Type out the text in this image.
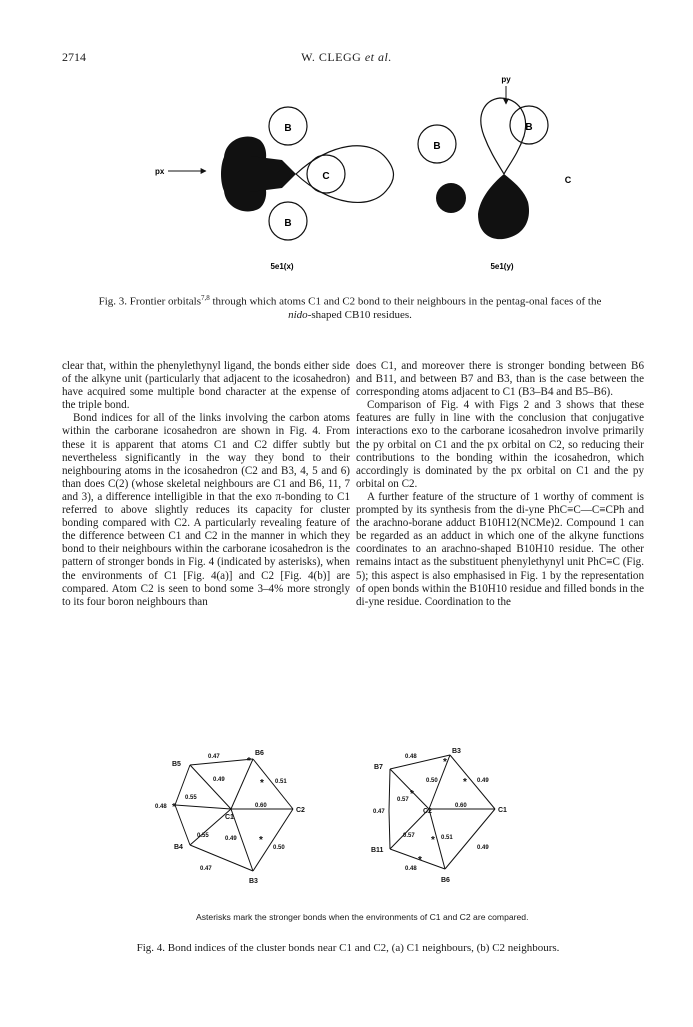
2714	W. CLEGG et al.
B
B
C
px
5e1(x)
py
B
B
C
5e1(y)
Fig. 3. Frontier orbitals$^{7,8}$ through which atoms C1 and C2 bond to their neighbours in the pentag-onal faces of the nido-shaped CB10 residues.

clear that, within the phenylethynyl ligand, the bonds either side of the alkyne unit (particularly that adjacent to the icosahedron) have acquired some multiple bond character at the expense of the triple bond.

Bond indices for all of the links involving the carbon atoms within the carborane icosahedron are shown in Fig. 4. From these it is apparent that atoms C1 and C2 differ subtly but nevertheless significantly in the way they bond to their neighbouring atoms in the icosahedron (C2 and B3, 4, 5 and 6) than does C(2) (whose skeletal neighbours are C1 and B6, 11, 7 and 3), a difference intelligible in that the exo π-bonding to C1 referred to above slightly reduces its capacity for cluster bonding compared with C2. A particularly revealing feature of the difference between C1 and C2 in the manner in which they bond to their neighbours within the carborane icosahedron is the pattern of stronger bonds in Fig. 4 (indicated by asterisks), when the environments of C1 [Fig. 4(a)] and C2 [Fig. 4(b)] are compared. Atom C2 is seen to bond some 3–4% more strongly to its four boron neighbours than

does C1, and moreover there is stronger bonding between B6 and B11, and between B7 and B3, than is the case between the corresponding atoms adjacent to C1 (B3–B4 and B5–B6).

Comparison of Fig. 4 with Figs 2 and 3 shows that these features are fully in line with the conclusion that conjugative interactions exo to the carborane icosahedron involve primarily the py orbital on C1 and the px orbital on C2, so reducing their contributions to the bonding within the icosahedron, which accordingly is dominated by the px orbital on C1 and the py orbital on C2.

A further feature of the structure of 1 worthy of comment is prompted by its synthesis from the di-yne PhC≡C—C≡CPh and the arachno-borane adduct B10H12(NCMe)2. Compound 1 can be regarded as an adduct in which one of the alkyne functions coordinates to an arachno-shaped B10H10 residue. The other remains intact as the substituent phenylethynyl unit PhC≡C (Fig. 5); this aspect is also emphasised in Fig. 1 by the representation of open bonds within the B10H10 residue and filled bonds in the di-yne residue. Coordination to the

B6
B5
C1
C2
B4
B3
0.47
0.49	0.51
0.55
0.60
0.48
0.55	0.49
0.50
0.47
*
*
*
*
B3
B7
C2	C1
B11
B6
0.48
0.50	0.49
0.57
0.47
0.60
0.57	0.51
0.49
0.48
*
*
*
*
*
Asterisks mark the stronger bonds when the environments of C1 and C2 are compared.
Fig. 4. Bond indices of the cluster bonds near C1 and C2, (a) C1 neighbours, (b) C2 neighbours.
